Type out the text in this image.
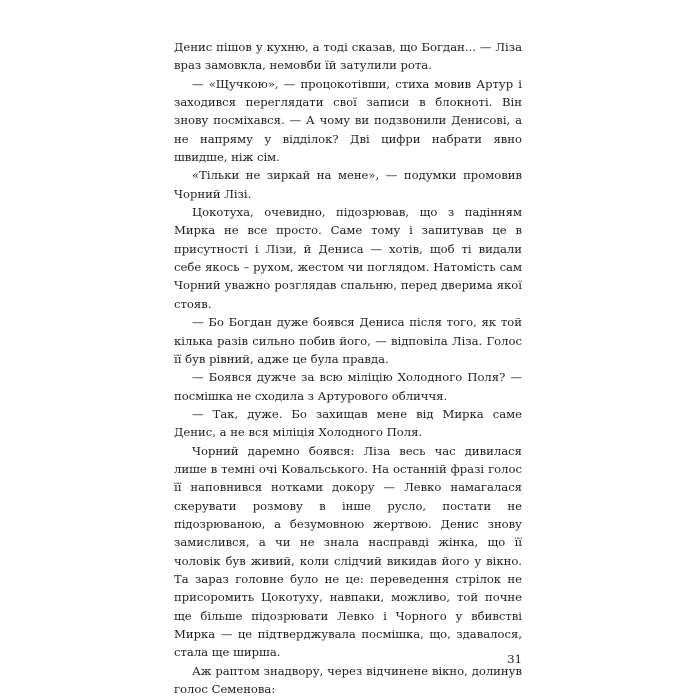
Денис пішов у кухню, а тоді сказав, що Богдан... — Ліза враз замовкла, немовби їй затулили рота.

— «Щучкою», — процокотівши, стиха мовив Артур і заходився переглядати свої записи в блокноті. Він знову посміхався. — А чому ви подзвонили Денисові, а не напряму у відділок? Дві цифри набрати явно швидше, ніж сім.

«Тільки не зиркай на мене», — подумки промовив Чорний Лізі.

Цокотуха, очевидно, підозрював, що з падінням Мирка не все просто. Саме тому і запитував це в присутності і Лізи, й Дениса — хотів, щоб ті видали себе якось – рухом, жестом чи поглядом. Натомість сам Чорний уважно розглядав спальню, перед дверима якої стояв.

— Бо Богдан дуже боявся Дениса після того, як той кілька разів сильно побив його, — відповіла Ліза. Голос її був рівний, адже це була правда.

— Боявся дужче за всю міліцію Холодного Поля? — посмішка не сходила з Артурового обличчя.

— Так, дуже. Бо захищав мене від Мирка саме Денис, а не вся міліція Холодного Поля.

Чорний даремно боявся: Ліза весь час дивилася лише в темні очі Ковальського. На останній фразі голос її наповнився нотками докору — Левко намагалася скерувати розмову в інше русло, постати не підозрюваною, а безумовною жертвою. Денис знову замислився, а чи не знала насправді жінка, що її чоловік був живий, коли слідчий викидав його у вікно. Та зараз головне було не це: переведення стрілок не присоромить Цокотуху, навпаки, можливо, той почне ще більше підозрювати Левко і Чорного у вбивстві Мирка — це підтверджувала посмішка, що, здавалося, стала ще ширша.

Аж раптом знадвору, через відчинене вікно, долинув голос Семенова:

31
